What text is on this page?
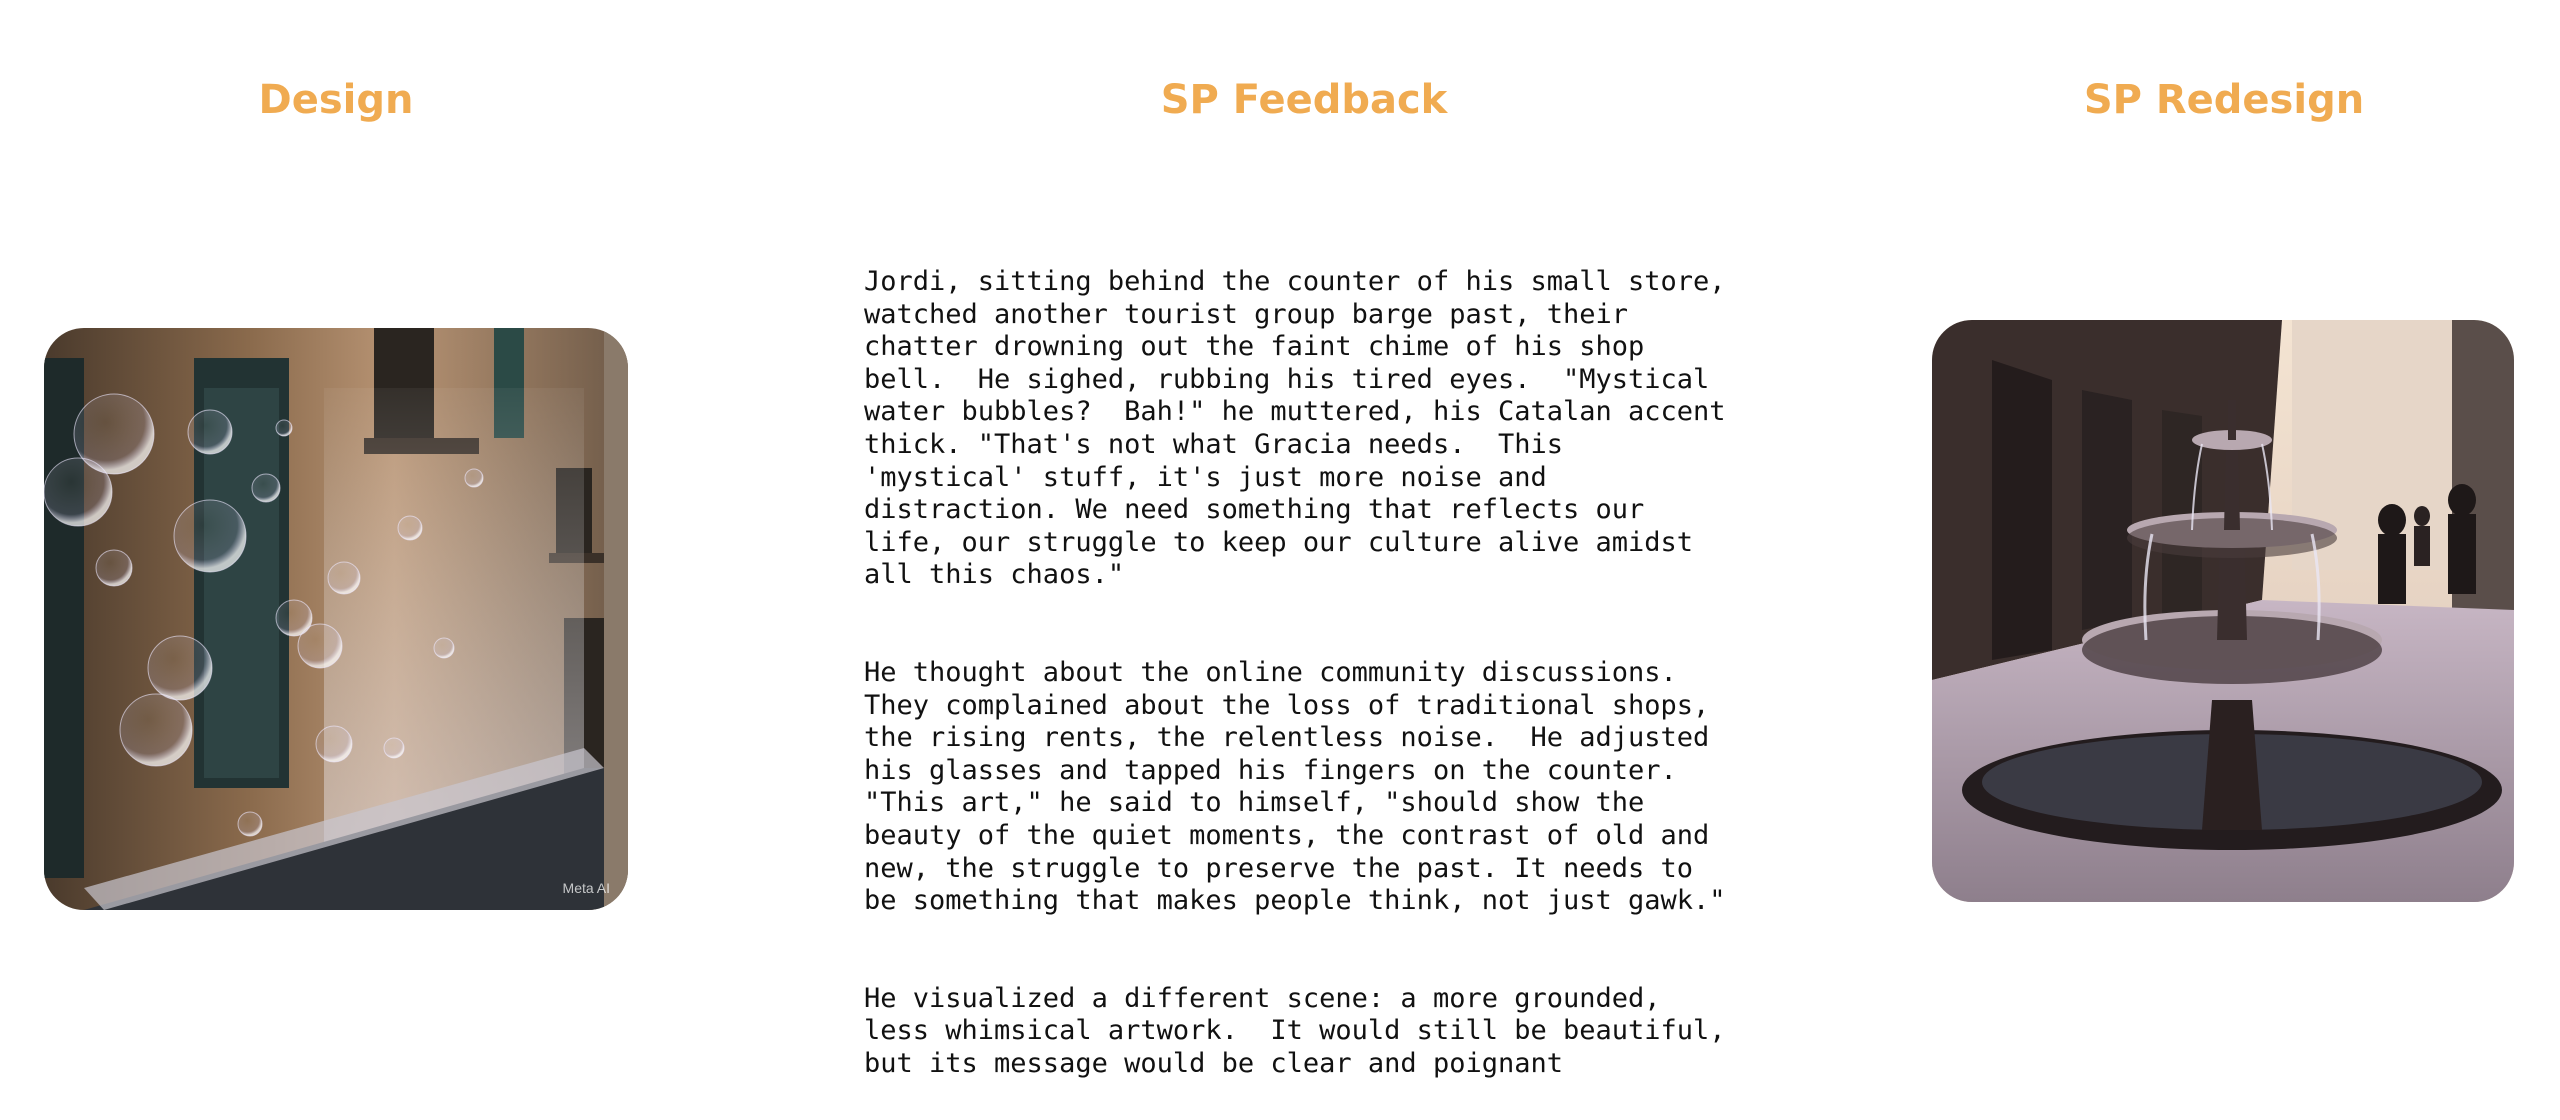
Design	SP Feedback	SP Redesign
Meta AI

Jordi, sitting behind the counter of his small store,
watched another tourist group barge past, their
chatter drowning out the faint chime of his shop
bell.  He sighed, rubbing his tired eyes.  "Mystical
water bubbles?  Bah!" he muttered, his Catalan accent
thick. "That's not what Gracia needs.  This
'mystical' stuff, it's just more noise and
distraction. We need something that reflects our
life, our struggle to keep our culture alive amidst
all this chaos."

He thought about the online community discussions.
They complained about the loss of traditional shops,
the rising rents, the relentless noise.  He adjusted
his glasses and tapped his fingers on the counter.
"This art," he said to himself, "should show the
beauty of the quiet moments, the contrast of old and
new, the struggle to preserve the past. It needs to
be something that makes people think, not just gawk."

He visualized a different scene: a more grounded,
less whimsical artwork.  It would still be beautiful,
but its message would be clear and poignant
